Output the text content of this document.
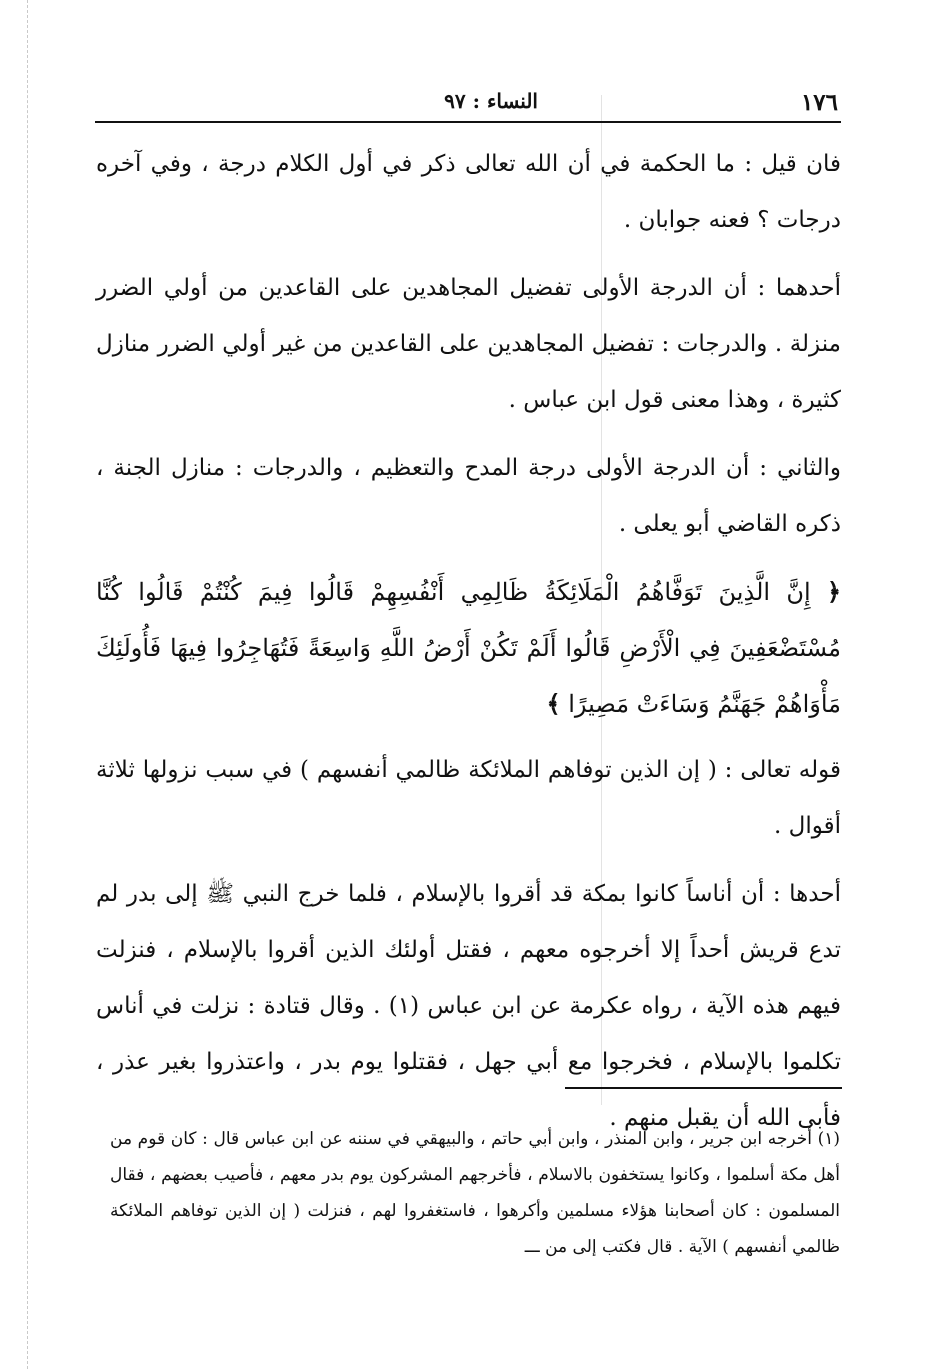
١٧٦
النساء : ٩٧

فان قيل : ما الحكمة في أن الله تعالى ذكر في أول الكلام درجة ، وفي آخره درجات ؟ فعنه جوابان .

أحدهما : أن الدرجة الأولى تفضيل المجاهدين على القاعدين من أولي الضرر منزلة . والدرجات : تفضيل المجاهدين على القاعدين من غير أولي الضرر منازل كثيرة ، وهذا معنى قول ابن عباس .

والثاني : أن الدرجة الأولى درجة المدح والتعظيم ، والدرجات : منازل الجنة ، ذكره القاضي أبو يعلى .

﴿ إِنَّ الَّذِينَ تَوَفَّاهُمُ الْمَلَائِكَةُ ظَالِمِي أَنْفُسِهِمْ قَالُوا فِيمَ كُنْتُمْ قَالُوا كُنَّا مُسْتَضْعَفِينَ فِي الْأَرْضِ قَالُوا أَلَمْ تَكُنْ أَرْضُ اللَّهِ وَاسِعَةً فَتُهَاجِرُوا فِيهَا فَأُولَئِكَ مَأْوَاهُمْ جَهَنَّمُ وَسَاءَتْ مَصِيرًا ﴾

قوله تعالى : ( إن الذين توفاهم الملائكة ظالمي أنفسهم ) في سبب نزولها ثلاثة أقوال .

أحدها : أن أناساً كانوا بمكة قد أقروا بالإسلام ، فلما خرج النبي ﷺ إلى بدر لم تدع قريش أحداً إلا أخرجوه معهم ، فقتل أولئك الذين أقروا بالإسلام ، فنزلت فيهم هذه الآية ، رواه عكرمة عن ابن عباس (١) . وقال قتادة : نزلت في أناس تكلموا بالإسلام ، فخرجوا مع أبي جهل ، فقتلوا يوم بدر ، واعتذروا بغير عذر ، فأبى الله أن يقبل منهم .

(١) أخرجه ابن جرير ، وابن المنذر ، وابن أبي حاتم ، والبيهقي في سننه عن ابن عباس قال : كان قوم من أهل مكة أسلموا ، وكانوا يستخفون بالاسلام ، فأخرجهم المشركون يوم بدر معهم ، فأصيب بعضهم ، فقال المسلمون : كان أصحابنا هؤلاء مسلمين وأكرهوا ، فاستغفروا لهم ، فنزلت ( إن الذين توفاهم الملائكة ظالمي أنفسهم ) الآية . قال فكتب إلى من ـــ
